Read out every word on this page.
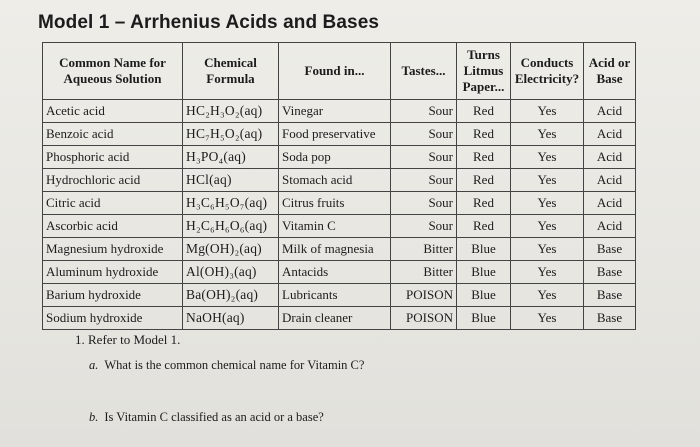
Model 1 – Arrhenius Acids and Bases
Common Name for Aqueous Solution	Chemical Formula	Found in...	Tastes...	Turns Litmus Paper...	Conducts Electricity?	Acid or Base
Acetic acid	HC₂H₃O₂(aq)	Vinegar	Sour	Red	Yes	Acid
Benzoic acid	HC₇H₅O₂(aq)	Food preservative	Sour	Red	Yes	Acid
Phosphoric acid	H₃PO₄(aq)	Soda pop	Sour	Red	Yes	Acid
Hydrochloric acid	HCl(aq)	Stomach acid	Sour	Red	Yes	Acid
Citric acid	H₃C₆H₅O₇(aq)	Citrus fruits	Sour	Red	Yes	Acid
Ascorbic acid	H₂C₆H₆O₆(aq)	Vitamin C	Sour	Red	Yes	Acid
Magnesium hydroxide	Mg(OH)₂(aq)	Milk of magnesia	Bitter	Blue	Yes	Base
Aluminum hydroxide	Al(OH)₃(aq)	Antacids	Bitter	Blue	Yes	Base
Barium hydroxide	Ba(OH)₂(aq)	Lubricants	POISON	Blue	Yes	Base
Sodium hydroxide	NaOH(aq)	Drain cleaner	POISON	Blue	Yes	Base
1. Refer to Model 1.
a. What is the common chemical name for Vitamin C?
b. Is Vitamin C classified as an acid or a base?
